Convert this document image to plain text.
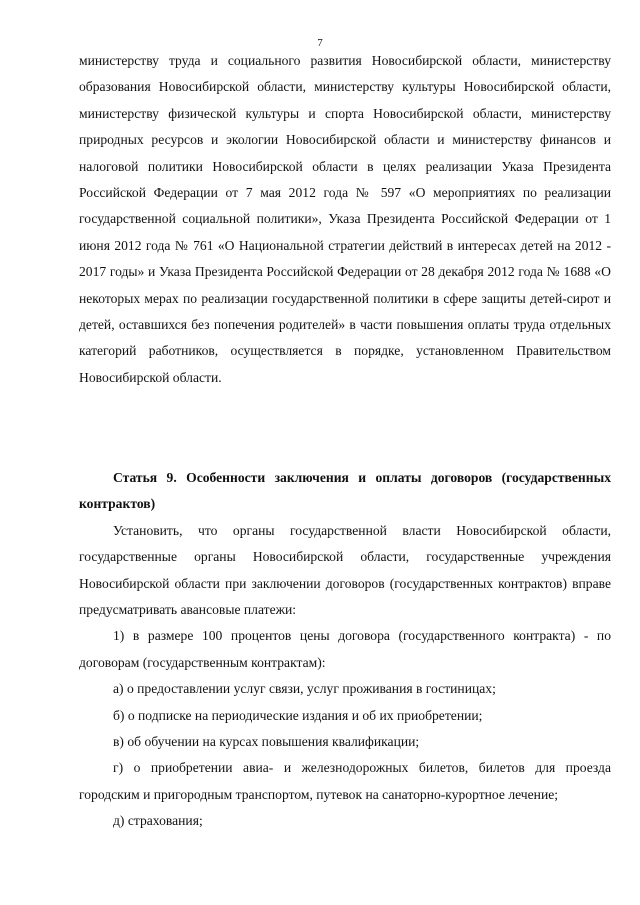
7

министерству труда и социального развития Новосибирской области, министерству образования Новосибирской области, министерству культуры Новосибирской области, министерству физической культуры и спорта Новосибирской области, министерству природных ресурсов и экологии Новосибирской области и министерству финансов и налоговой политики Новосибирской области в целях реализации Указа Президента Российской Федерации от 7 мая 2012 года № 597 «О мероприятиях по реализации государственной социальной политики», Указа Президента Российской Федерации от 1 июня 2012 года № 761 «О Национальной стратегии действий в интересах детей на 2012 - 2017 годы» и Указа Президента Российской Федерации от 28 декабря 2012 года № 1688 «О некоторых мерах по реализации государственной политики в сфере защиты детей-сирот и детей, оставшихся без попечения родителей» в части повышения оплаты труда отдельных категорий работников, осуществляется в порядке, установленном Правительством Новосибирской области.

Статья 9. Особенности заключения и оплаты договоров (государственных контрактов)

Установить, что органы государственной власти Новосибирской области, государственные органы Новосибирской области, государственные учреждения Новосибирской области при заключении договоров (государственных контрактов) вправе предусматривать авансовые платежи:

1) в размере 100 процентов цены договора (государственного контракта) - по договорам (государственным контрактам):

а) о предоставлении услуг связи, услуг проживания в гостиницах;

б) о подписке на периодические издания и об их приобретении;

в) об обучении на курсах повышения квалификации;

г) о приобретении авиа- и железнодорожных билетов, билетов для проезда городским и пригородным транспортом, путевок на санаторно-курортное лечение;

д) страхования;
